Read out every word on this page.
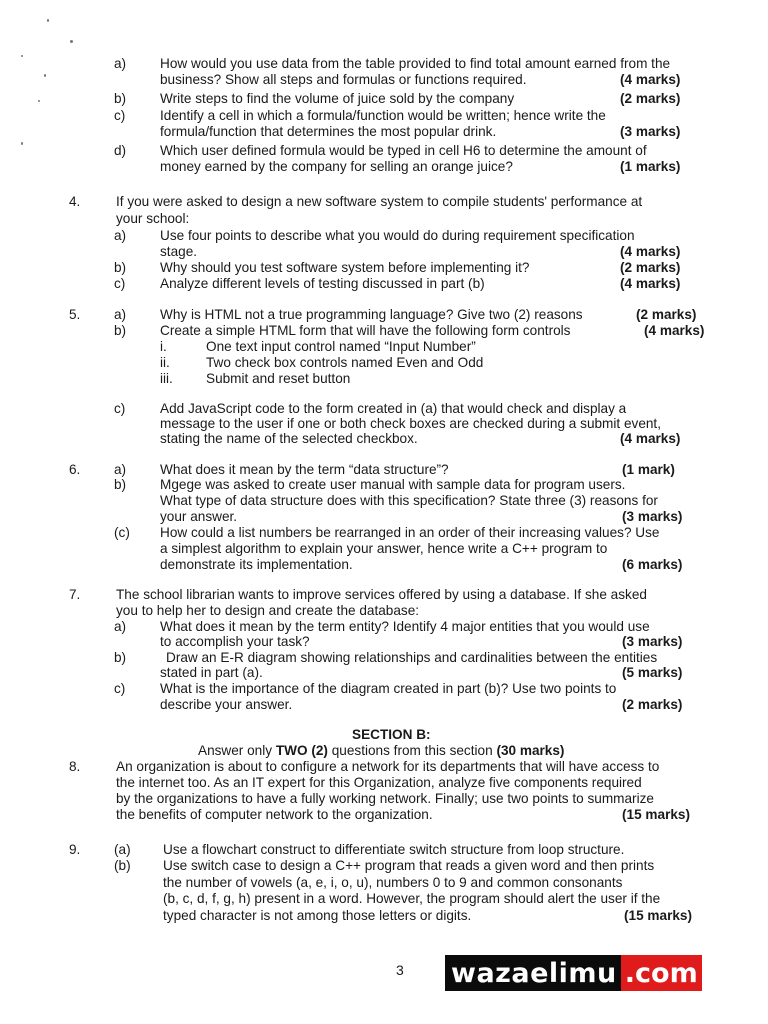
a) How would you use data from the table provided to find total amount earned from the
business? Show all steps and formulas or functions required.	(4 marks)
b) Write steps to find the volume of juice sold by the company	(2 marks)
c)	Identify a cell in which a formula/function would be written; hence write the
formula/function that determines the most popular drink.	(3 marks)
d) Which user defined formula would be typed in cell H6 to determine the amount of
money earned by the company for selling an orange juice?	(1 marks)
4.	If you were asked to design a new software system to compile students' performance at
your school:
a) Use four points to describe what you would do during requirement specification
stage.	(4 marks)
b) Why should you test software system before implementing it?	(2 marks)
c)	Analyze different levels of testing discussed in part (b)	(4 marks)
5. a) Why is HTML not a true programming language? Give two (2) reasons	(2 marks)
b) Create a simple HTML form that will have the following form controls	(4 marks)
i.	One text input control named “Input Number”
ii.	Two check box controls named Even and Odd
iii. Submit and reset button
c)	Add JavaScript code to the form created in (a) that would check and display a
message to the user if one or both check boxes are checked during a submit event,
stating the name of the selected checkbox.	(4 marks)
6. a) What does it mean by the term “data structure”?	(1 mark)
b) Mgege was asked to create user manual with sample data for program users.
What type of data structure does with this specification? State three (3) reasons for
your answer.	(3 marks)
(c) How could a list numbers be rearranged in an order of their increasing values? Use
a simplest algorithm to explain your answer, hence write a C++ program to
demonstrate its implementation.	(6 marks)
7.	The school librarian wants to improve services offered by using a database. If she asked
you to help her to design and create the database:
a) What does it mean by the term entity? Identify 4 major entities that you would use
to accomplish your task?	(3 marks)
b)	Draw an E-R diagram showing relationships and cardinalities between the entities
stated in part (a).	(5 marks)
c)	What is the importance of the diagram created in part (b)? Use two points to
describe your answer.	(2 marks)
SECTION B:
Answer only TWO (2) questions from this section (30 marks)
8.	An organization is about to configure a network for its departments that will have access to
the internet too. As an IT expert for this Organization, analyze five components required
by the organizations to have a fully working network. Finally; use two points to summarize
the benefits of computer network to the organization.	(15 marks)
9. (a) Use a flowchart construct to differentiate switch structure from loop structure.
(b) Use switch case to design a C++ program that reads a given word and then prints
the number of vowels (a, e, i, o, u), numbers 0 to 9 and common consonants
(b, c, d, f, g, h) present in a word. However, the program should alert the user if the
typed character is not among those letters or digits.	(15 marks)
3 wazaelimu .com
